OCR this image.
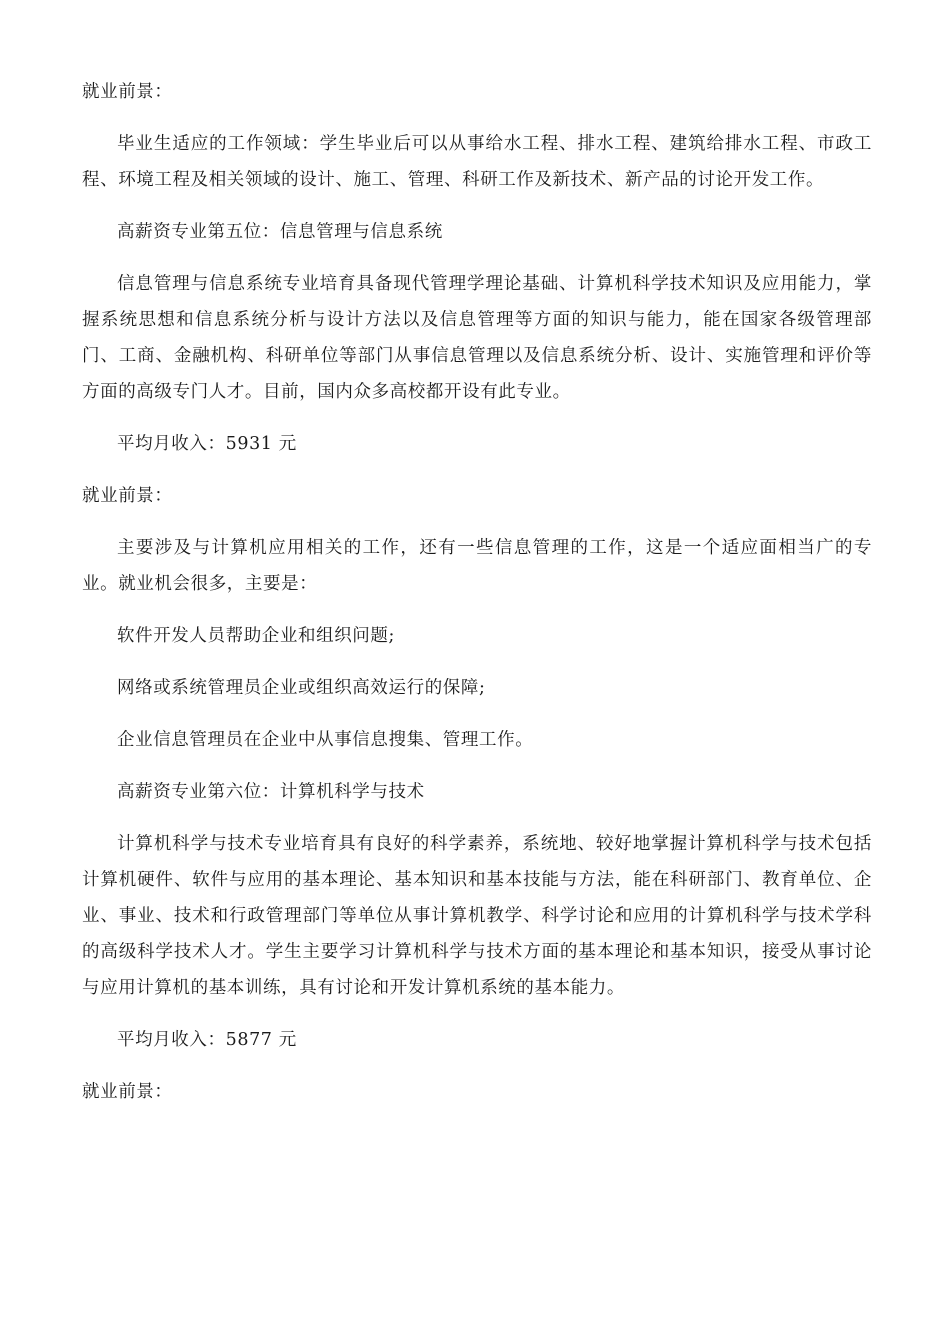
就业前景：

毕业生适应的工作领域：学生毕业后可以从事给水工程、排水工程、建筑给排水工程、市政工程、环境工程及相关领域的设计、施工、管理、科研工作及新技术、新产品的讨论开发工作。

高薪资专业第五位：信息管理与信息系统

信息管理与信息系统专业培育具备现代管理学理论基础、计算机科学技术知识及应用能力，掌握系统思想和信息系统分析与设计方法以及信息管理等方面的知识与能力，能在国家各级管理部门、工商、金融机构、科研单位等部门从事信息管理以及信息系统分析、设计、实施管理和评价等方面的高级专门人才。目前，国内众多高校都开设有此专业。

平均月收入：5931 元

就业前景：

主要涉及与计算机应用相关的工作，还有一些信息管理的工作，这是一个适应面相当广的专业。就业机会很多，主要是：

软件开发人员帮助企业和组织问题;

网络或系统管理员企业或组织高效运行的保障;

企业信息管理员在企业中从事信息搜集、管理工作。

高薪资专业第六位：计算机科学与技术

计算机科学与技术专业培育具有良好的科学素养，系统地、较好地掌握计算机科学与技术包括计算机硬件、软件与应用的基本理论、基本知识和基本技能与方法，能在科研部门、教育单位、企业、事业、技术和行政管理部门等单位从事计算机教学、科学讨论和应用的计算机科学与技术学科的高级科学技术人才。学生主要学习计算机科学与技术方面的基本理论和基本知识，接受从事讨论与应用计算机的基本训练，具有讨论和开发计算机系统的基本能力。

平均月收入：5877 元

就业前景：
